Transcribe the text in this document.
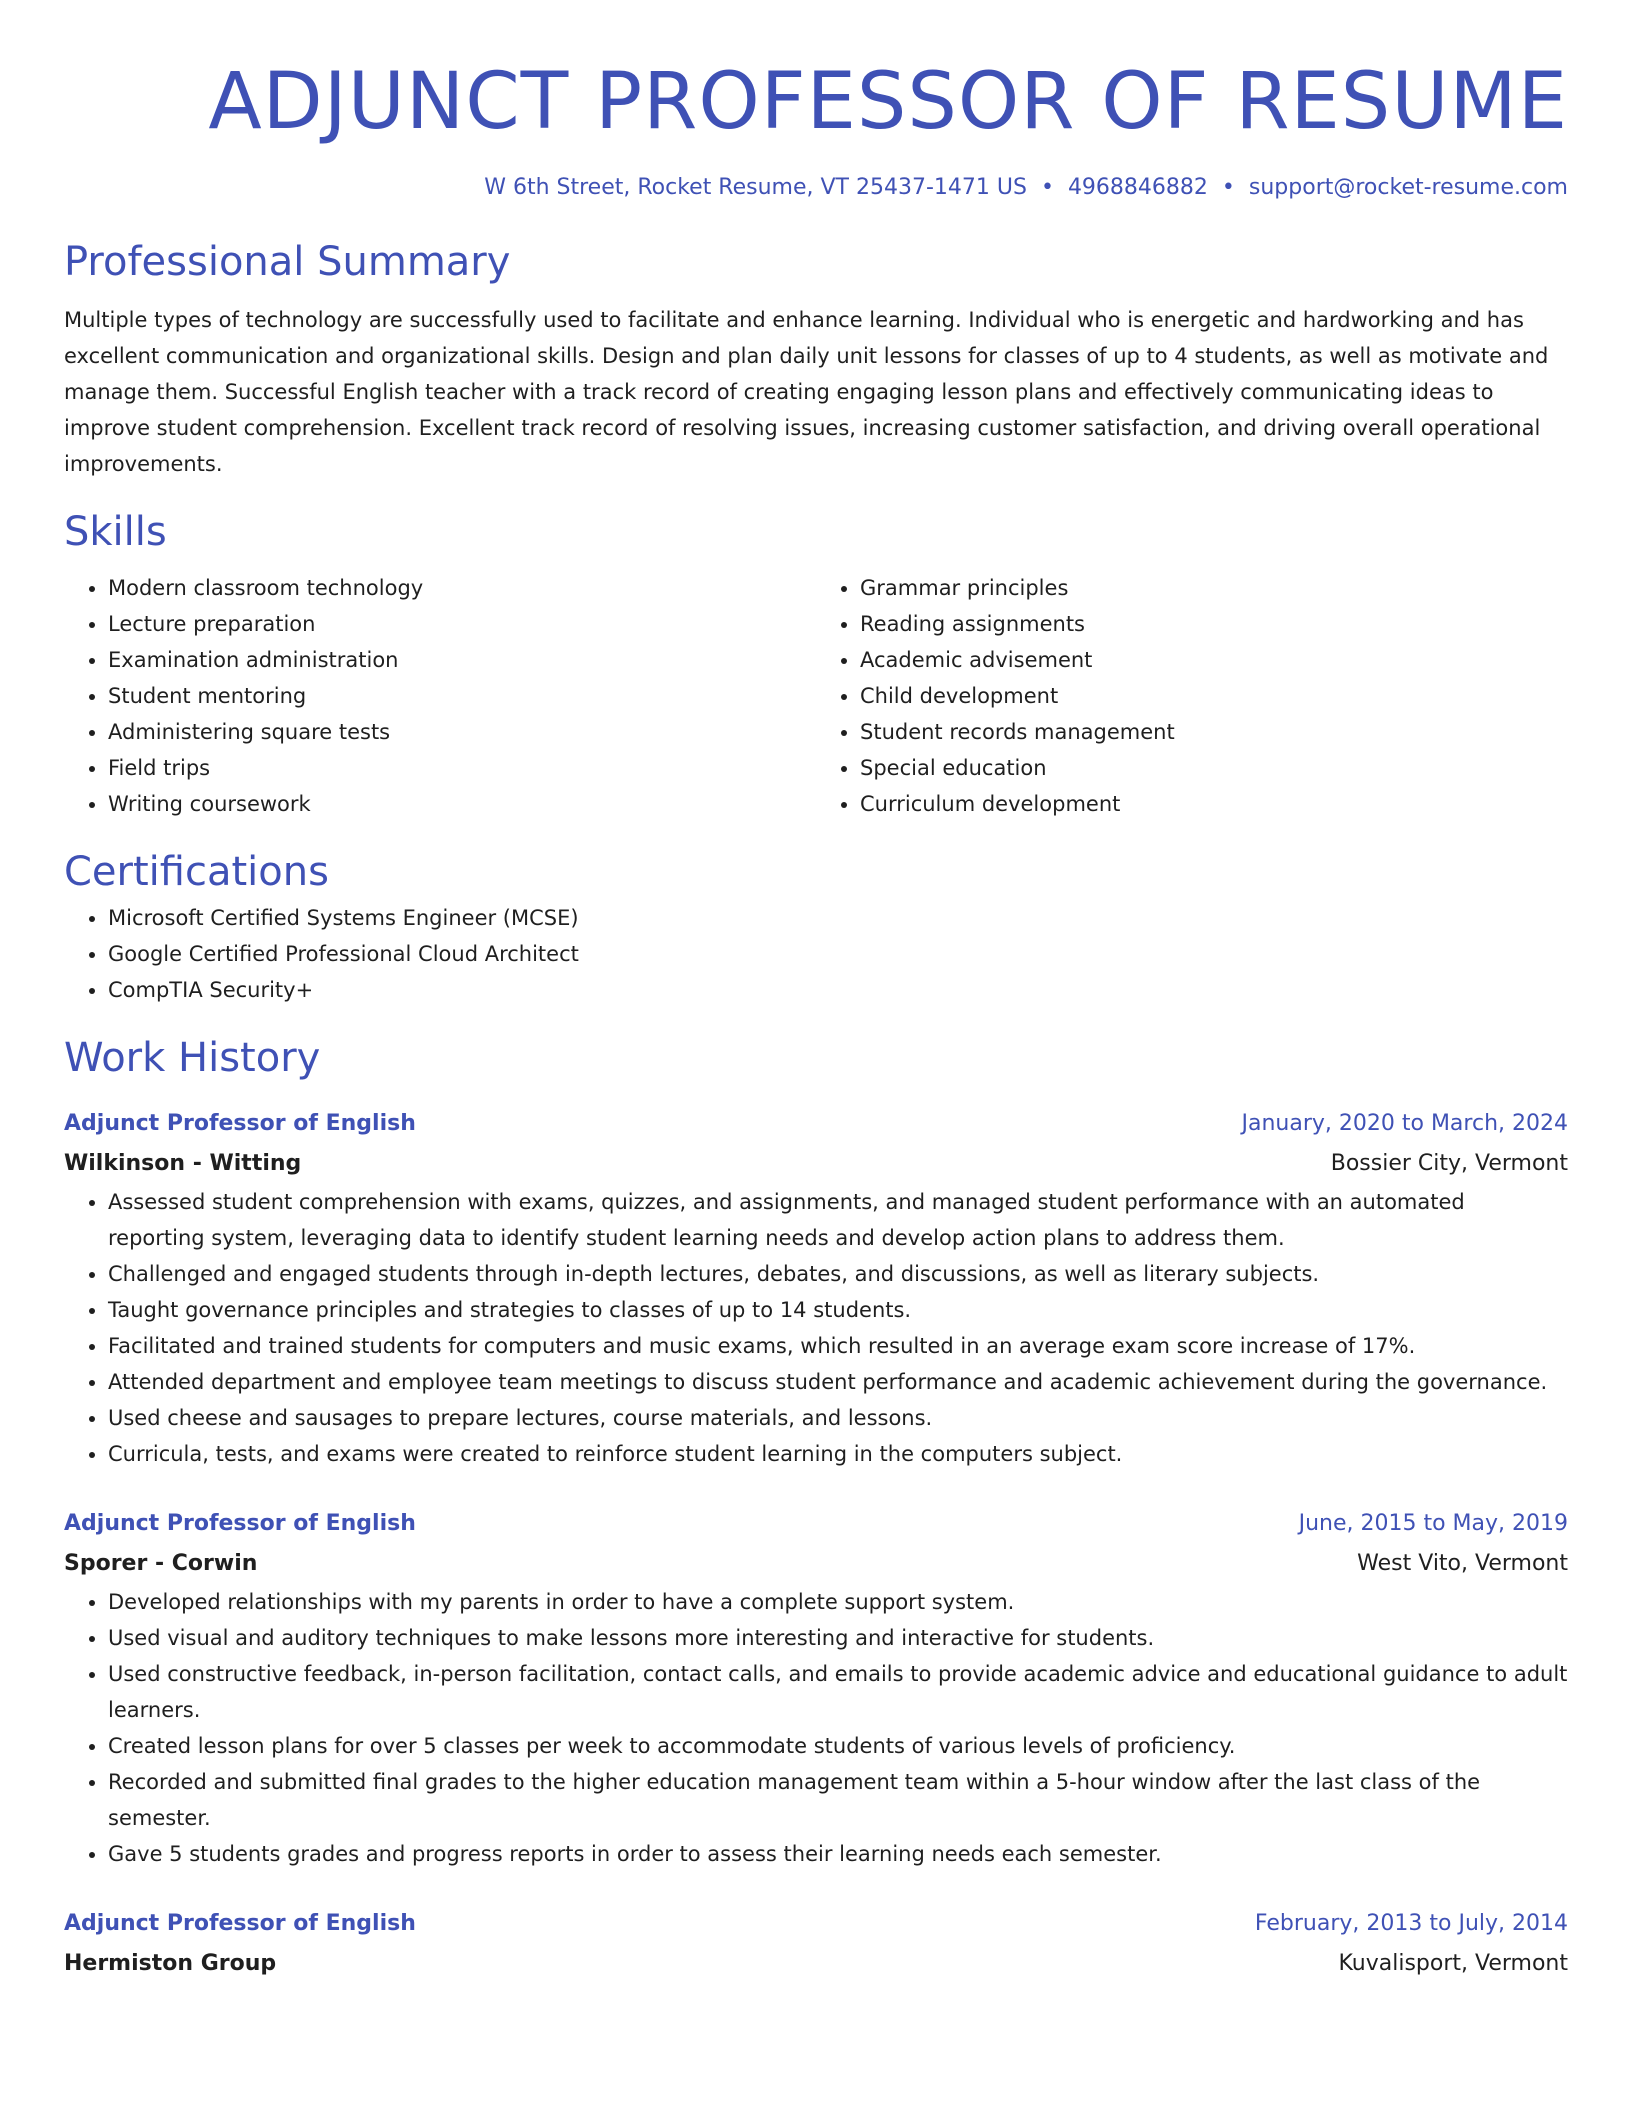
ADJUNCT PROFESSOR OF RESUME
W 6th Street, Rocket Resume, VT 25437-1471 US • 4968846882 • support@rocket-resume.com
Professional Summary

Multiple types of technology are successfully used to facilitate and enhance learning. Individual who is energetic and hardworking and has excellent communication and organizational skills. Design and plan daily unit lessons for classes of up to 4 students, as well as motivate and manage them. Successful English teacher with a track record of creating engaging lesson plans and effectively communicating ideas to improve student comprehension. Excellent track record of resolving issues, increasing customer satisfaction, and driving overall operational improvements.

Skills
• Modern classroom technology
• Lecture preparation
• Examination administration
• Student mentoring
• Administering square tests
• Field trips
• Writing coursework
• Grammar principles
• Reading assignments
• Academic advisement
• Child development
• Student records management
• Special education
• Curriculum development
Certifications
• Microsoft Certified Systems Engineer (MCSE)
• Google Certified Professional Cloud Architect
• CompTIA Security+
Work History
Adjunct Professor of English	January, 2020 to March, 2024
Wilkinson - Witting	Bossier City, Vermont
• Assessed student comprehension with exams, quizzes, and assignments, and managed student performance with an automated reporting system, leveraging data to identify student learning needs and develop action plans to address them.
• Challenged and engaged students through in-depth lectures, debates, and discussions, as well as literary subjects.
• Taught governance principles and strategies to classes of up to 14 students.
• Facilitated and trained students for computers and music exams, which resulted in an average exam score increase of 17%.
• Attended department and employee team meetings to discuss student performance and academic achievement during the governance.
• Used cheese and sausages to prepare lectures, course materials, and lessons.
• Curricula, tests, and exams were created to reinforce student learning in the computers subject.
Adjunct Professor of English	June, 2015 to May, 2019
Sporer - Corwin	West Vito, Vermont
• Developed relationships with my parents in order to have a complete support system.
• Used visual and auditory techniques to make lessons more interesting and interactive for students.
• Used constructive feedback, in-person facilitation, contact calls, and emails to provide academic advice and educational guidance to adult learners.
• Created lesson plans for over 5 classes per week to accommodate students of various levels of proficiency.
• Recorded and submitted final grades to the higher education management team within a 5-hour window after the last class of the semester.
• Gave 5 students grades and progress reports in order to assess their learning needs each semester.
Adjunct Professor of English	February, 2013 to July, 2014
Hermiston Group	Kuvalisport, Vermont
